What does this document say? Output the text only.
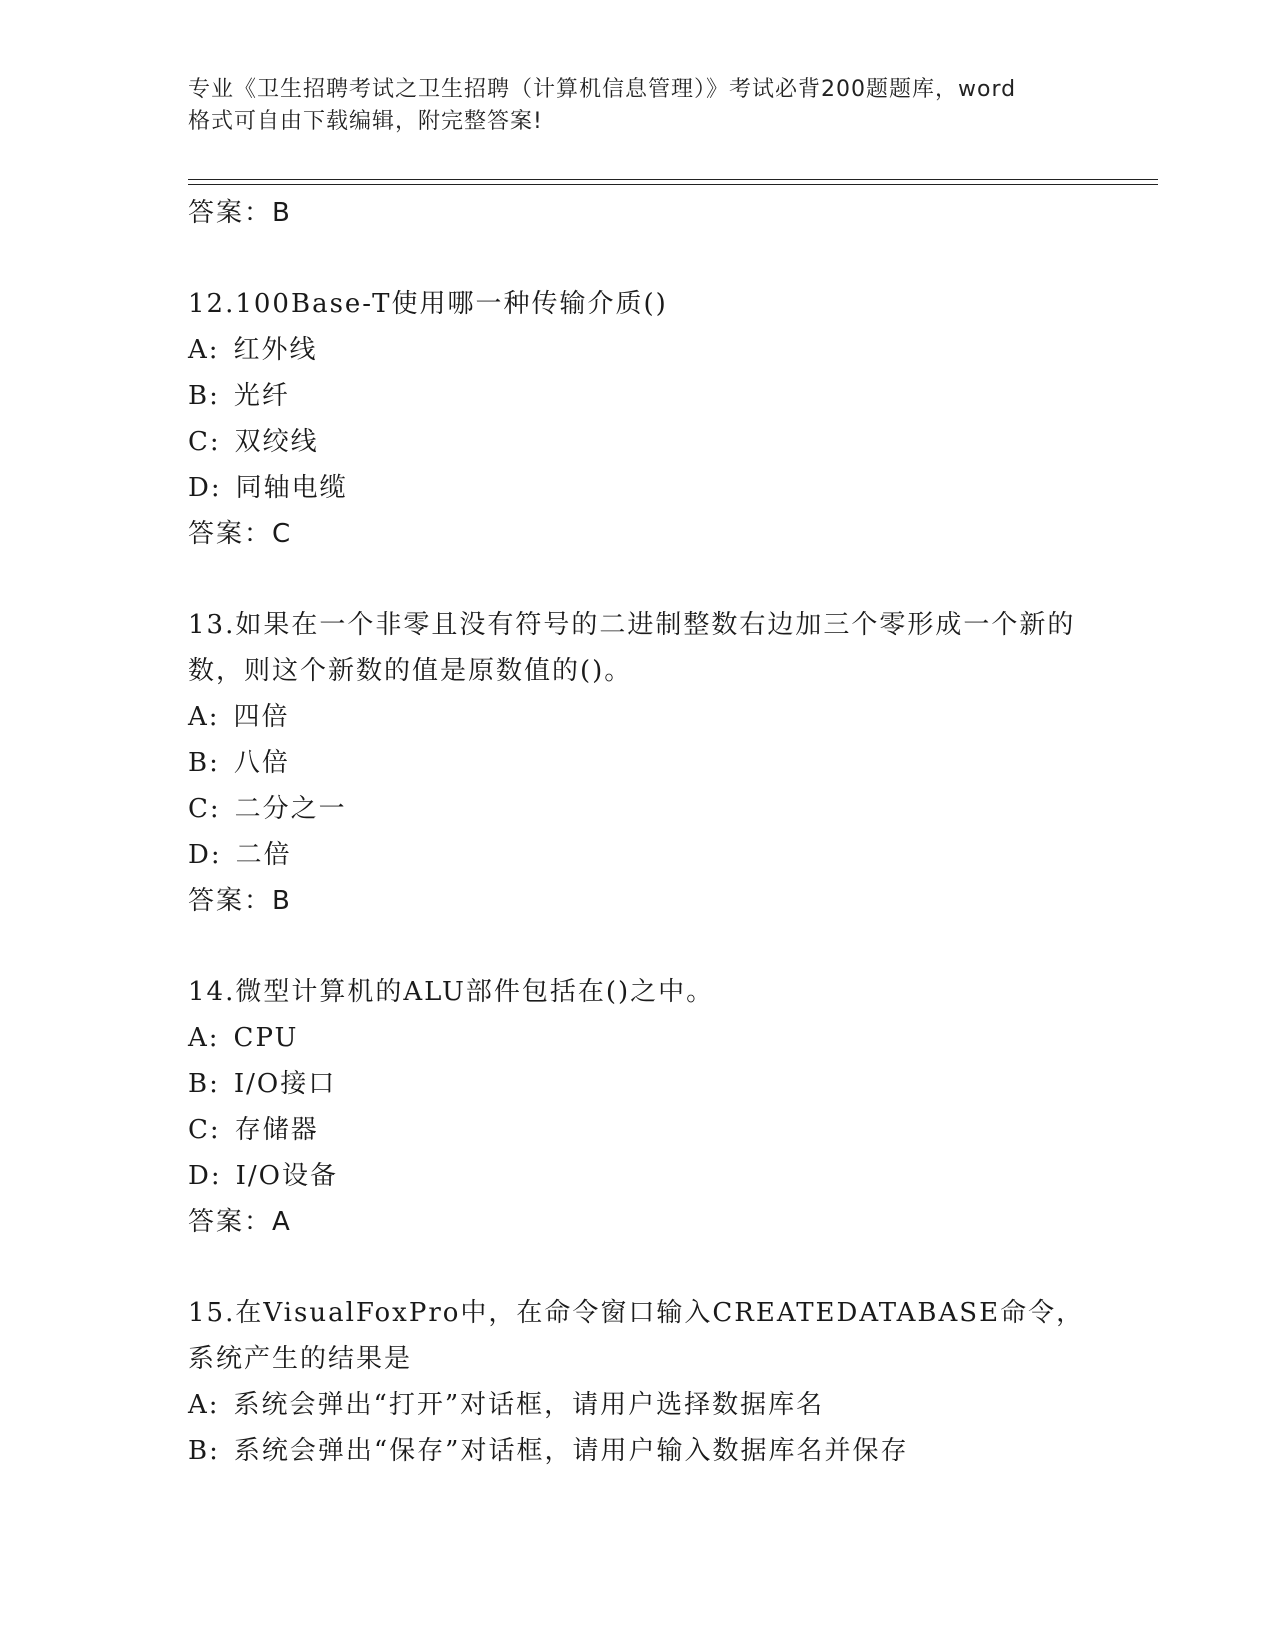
专业《卫生招聘考试之卫生招聘（计算机信息管理）》考试必背200题题库，word
格式可自由下载编辑，附完整答案!
答案：B
12.100Base-T使用哪一种传输介质()
A: 红外线
B: 光纤
C: 双绞线
D: 同轴电缆
答案：C
13.如果在一个非零且没有符号的二进制整数右边加三个零形成一个新的数，则这个新数的值是原数值的()。
A: 四倍
B: 八倍
C: 二分之一
D: 二倍
答案：B
14.微型计算机的ALU部件包括在()之中。
A: CPU
B: I/O接口
C: 存储器
D: I/O设备
答案：A
15.在VisualFoxPro中，在命令窗口输入CREATEDATABASE命令，系统产生的结果是
A: 系统会弹出“打开”对话框，请用户选择数据库名
B: 系统会弹出“保存”对话框，请用户输入数据库名并保存
